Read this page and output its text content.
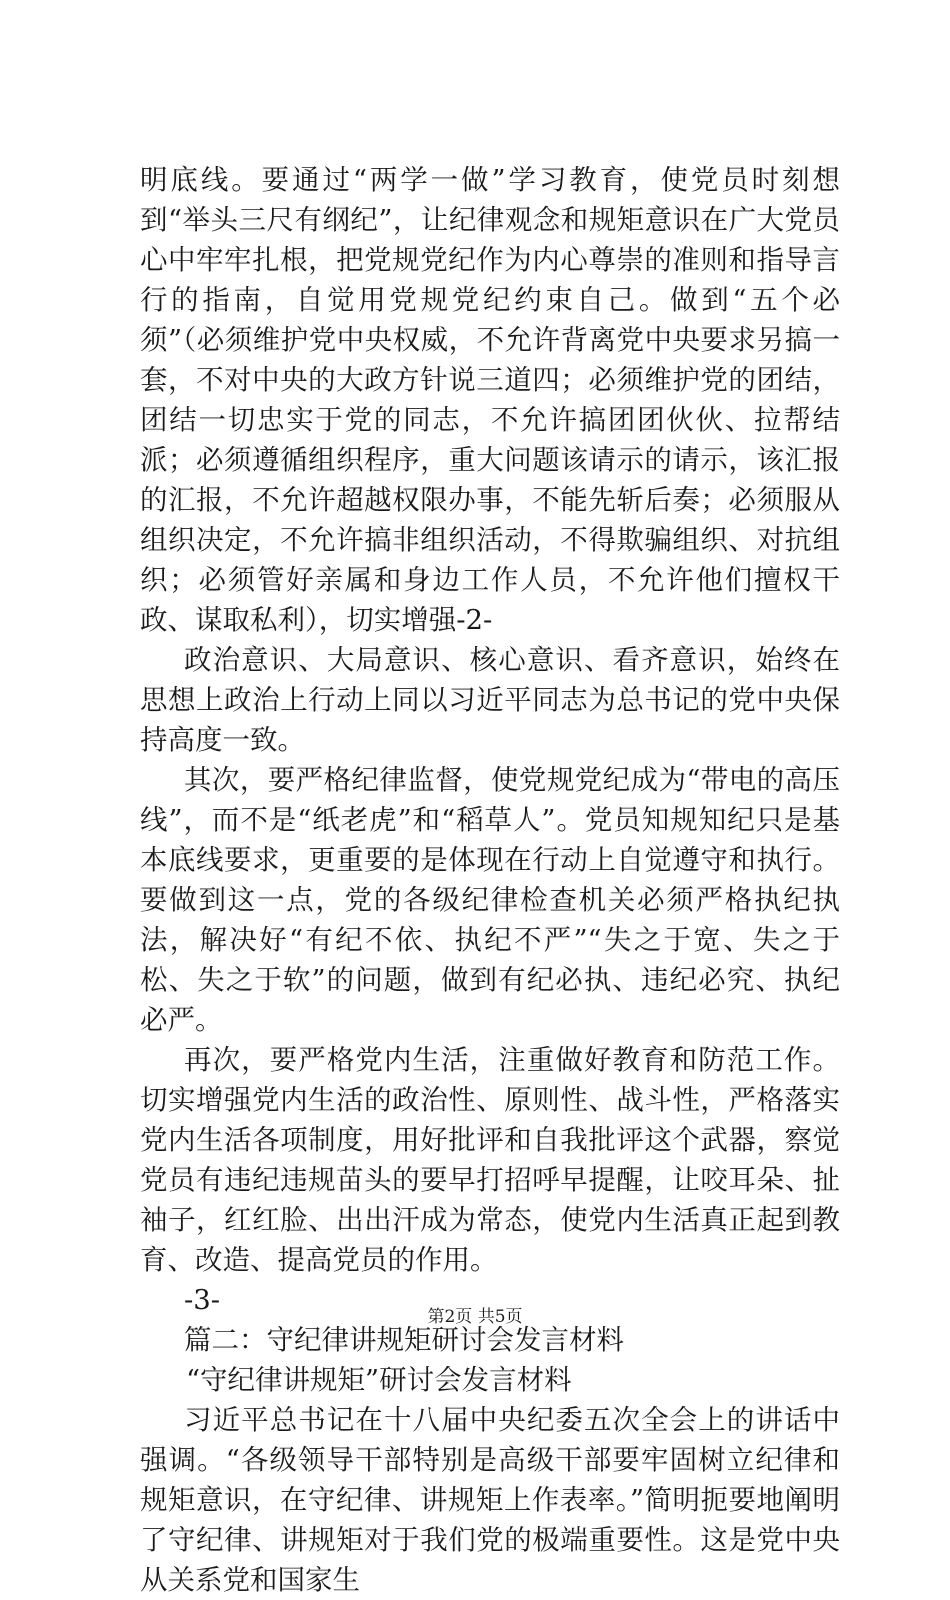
明底线。要通过“两学一做”学习教育，使党员时刻想到“举头三尺有纲纪”，让纪律观念和规矩意识在广大党员心中牢牢扎根，把党规党纪作为内心尊崇的准则和指导言行的指南，自觉用党规党纪约束自己。做到“五个必须”（必须维护党中央权威，不允许背离党中央要求另搞一套，不对中央的大政方针说三道四；必须维护党的团结，团结一切忠实于党的同志，不允许搞团团伙伙、拉帮结派；必须遵循组织程序，重大问题该请示的请示，该汇报的汇报，不允许超越权限办事，不能先斩后奏；必须服从组织决定，不允许搞非组织活动，不得欺骗组织、对抗组织；必须管好亲属和身边工作人员，不允许他们擅权干政、谋取私利），切实增强-2-

政治意识、大局意识、核心意识、看齐意识，始终在思想上政治上行动上同以习近平同志为总书记的党中央保持高度一致。

其次，要严格纪律监督，使党规党纪成为“带电的高压线”，而不是“纸老虎”和“稻草人”。党员知规知纪只是基本底线要求，更重要的是体现在行动上自觉遵守和执行。要做到这一点，党的各级纪律检查机关必须严格执纪执法，解决好“有纪不依、执纪不严”“失之于宽、失之于松、失之于软”的问题，做到有纪必执、违纪必究、执纪必严。

再次，要严格党内生活，注重做好教育和防范工作。切实增强党内生活的政治性、原则性、战斗性，严格落实党内生活各项制度，用好批评和自我批评这个武器，察觉党员有违纪违规苗头的要早打招呼早提醒，让咬耳朵、扯袖子，红红脸、出出汗成为常态，使党内生活真正起到教育、改造、提高党员的作用。

-3-

篇二：守纪律讲规矩研讨会发言材料

“守纪律讲规矩”研讨会发言材料

习近平总书记在十八届中央纪委五次全会上的讲话中强调。“各级领导干部特别是高级干部要牢固树立纪律和规矩意识，在守纪律、讲规矩上作表率。”简明扼要地阐明了守纪律、讲规矩对于我们党的极端重要性。这是党中央从关系党和国家生

第2页 共5页
